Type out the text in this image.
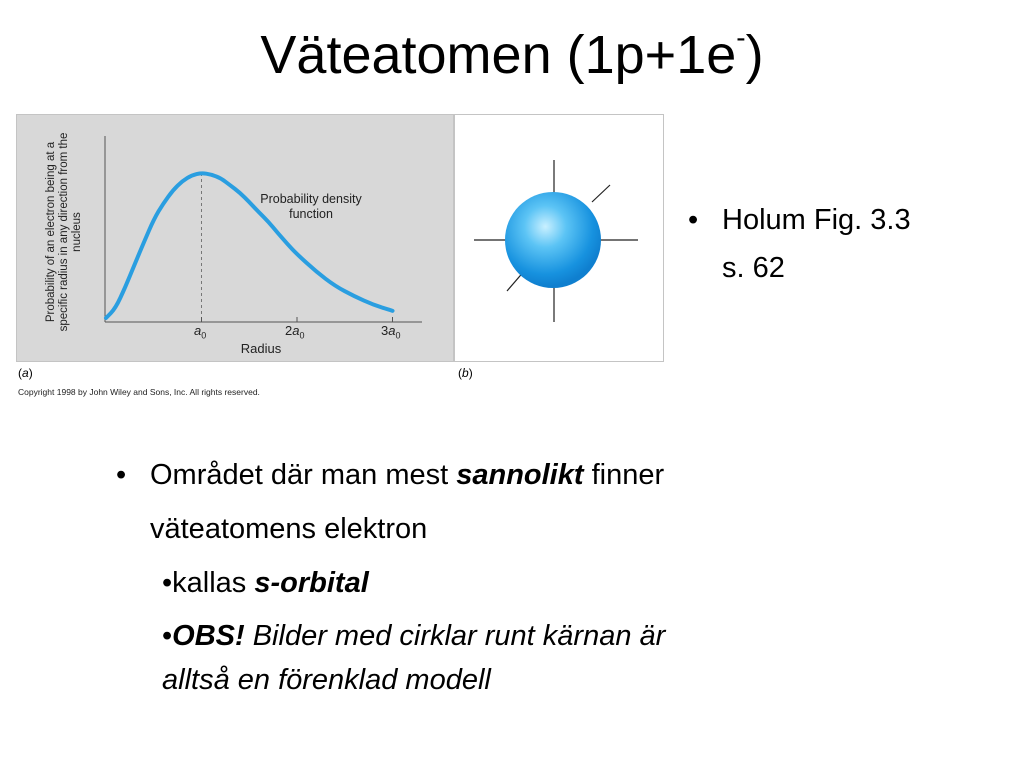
Väteatomen (1p+1e-)
Probability of an electron being at a specific radius in any direction from the nucleus
Probability density function
$a_0$	$2a_0$	$3a_0$
Radius
(a)	(b)
Copyright 1998 by John Wiley and Sons, Inc. All rights reserved.
• Holum Fig. 3.3
s. 62
• Området där man mest sannolikt finner
väteatomens elektron
•kallas s-orbital
•OBS! Bilder med cirklar runt kärnan är
alltså en förenklad modell
